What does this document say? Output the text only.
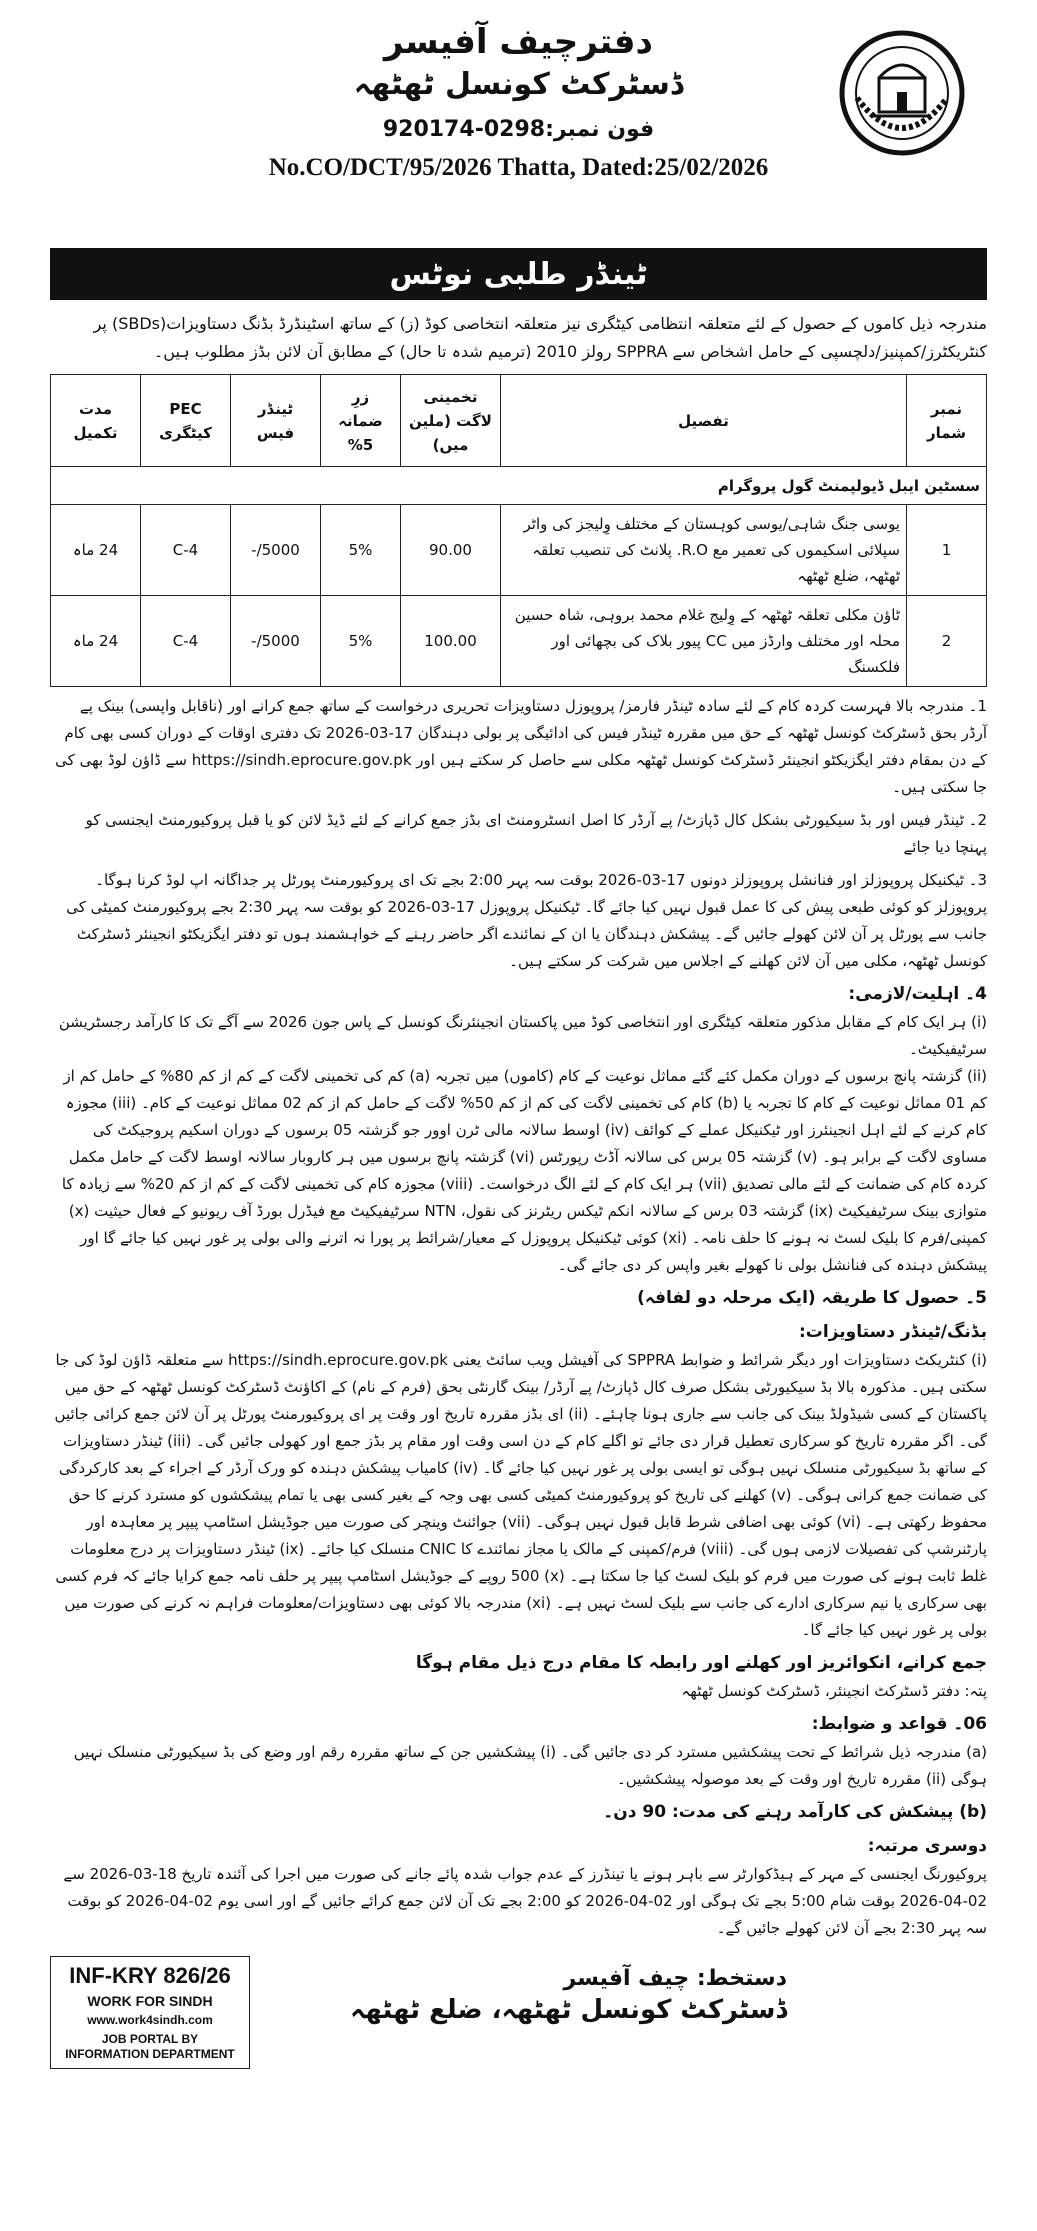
دفترچیف آفیسر
ڈسٹرکٹ کونسل ٹھٹھہ
فون نمبر:0298-920174
No.CO/DCT/95/2026 Thatta, Dated:25/02/2026
ٹینڈر طلبی نوٹس

مندرجہ ذیل کاموں کے حصول کے لئے متعلقہ انتظامی کیٹگری نیز متعلقہ انتخاصی کوڈ (ز) کے ساتھ اسٹینڈرڈ بڈنگ دستاویزات(SBDs) پر کنٹریکٹرز/کمپنیز/دلچسپی کے حامل اشخاص سے SPPRA رولز 2010 (ترمیم شدہ تا حال) کے مطابق آن لائن بڈز مطلوب ہیں۔

نمبر شمار	تفصیل	تخمینی لاگت (ملین میں)	زرِ ضمانہ 5%	ٹینڈر فیس	PEC کیٹگری	مدت تکمیل
سسٹین ایبل ڈیولپمنٹ گول پروگرام						
1	یوسی جنگ شاہی/یوسی کوہستان کے مختلف وِلیجز کی واٹر سپلائی اسکیموں کی تعمیر مع R.O. پلانٹ کی تنصیب تعلقہ ٹھٹھہ، ضلع ٹھٹھہ	90.00	5%	5000/-	C-4	24 ماہ
2	ٹاؤن مکلی تعلقہ ٹھٹھہ کے وِلیج غلام محمد بروہی، شاہ حسین محلہ اور مختلف وارڈز میں CC پیور بلاک کی بچھائی اور فلکسنگ	100.00	5%	5000/-	C-4	24 ماہ

1۔ مندرجہ بالا فہرست کردہ کام کے لئے سادہ ٹینڈر فارمز/ پروپوزل دستاویزات تحریری درخواست کے ساتھ جمع کرانے اور (ناقابل واپسی) بینک پے آرڈر بحق ڈسٹرکٹ کونسل ٹھٹھہ کے حق میں مقررہ ٹینڈر فیس کی ادائیگی پر بولی دہندگان 17-03-2026 تک دفتری اوقات کے دوران کسی بھی کام کے دن بمقام دفتر ایگزیکٹو انجینئر ڈسٹرکٹ کونسل ٹھٹھہ مکلی سے حاصل کر سکتے ہیں اور https://sindh.eprocure.gov.pk سے ڈاؤن لوڈ بھی کی جا سکتی ہیں۔

2۔ ٹینڈر فیس اور بڈ سیکیورٹی بشکل کال ڈپازٹ/ پے آرڈر کا اصل انسٹرومنٹ ای بڈز جمع کرانے کے لئے ڈیڈ لائن کو یا قبل پروکیورمنٹ ایجنسی کو پہنچا دیا جائے

3۔ ٹیکنیکل پروپوزلز اور فنانشل پروپوزلز دونوں 17-03-2026 بوقت سہ پہر 2:00 بجے تک ای پروکیورمنٹ پورٹل پر جداگانہ اپ لوڈ کرنا ہوگا۔ پروپوزلز کو کوئی طبعی پیش کی کا عمل قبول نہیں کیا جائے گا۔ ٹیکنیکل پروپوزل 17-03-2026 کو بوقت سہ پہر 2:30 بجے پروکیورمنٹ کمیٹی کی جانب سے پورٹل پر آن لائن کھولے جائیں گے۔ پیشکش دہندگان یا ان کے نمائندے اگر حاضر رہنے کے خواہشمند ہوں تو دفتر ایگزیکٹو انجینئر ڈسٹرکٹ کونسل ٹھٹھہ، مکلی میں آن لائن کھلنے کے اجلاس میں شرکت کر سکتے ہیں۔

4۔ اہلیت/لازمی:

(i) ہر ایک کام کے مقابل مذکور متعلقہ کیٹگری اور انتخاصی کوڈ میں پاکستان انجینئرنگ کونسل کے پاس جون 2026 سے آگے تک کا کارآمد رجسٹریشن سرٹیفیکیٹ۔

(ii) گزشتہ پانچ برسوں کے دوران مکمل کئے گئے مماثل نوعیت کے کام (کاموں) میں تجربہ (a) کم کی تخمینی لاگت کے کم از کم 80% کے حامل کم از کم 01 مماثل نوعیت کے کام کا تجربہ یا (b) کام کی تخمینی لاگت کی کم از کم 50% لاگت کے حامل کم از کم 02 مماثل نوعیت کے کام۔ (iii) مجوزہ کام کرنے کے لئے اہل انجینئرز اور ٹیکنیکل عملے کے کوائف (iv) اوسط سالانہ مالی ٹرن اوور جو گزشتہ 05 برسوں کے دوران اسکیم پروجیکٹ کی مساوی لاگت کے برابر ہو۔ (v) گزشتہ 05 برس کی سالانہ آڈٹ رپورٹس (vi) گزشتہ پانچ برسوں میں ہر کاروبار سالانہ اوسط لاگت کے حامل مکمل کردہ کام کی ضمانت کے لئے مالی تصدیق (vii) ہر ایک کام کے لئے الگ درخواست۔ (viii) مجوزہ کام کی تخمینی لاگت کے کم از کم 20% سے زیادہ کا متوازی بینک سرٹیفیکیٹ (ix) گزشتہ 03 برس کے سالانہ انکم ٹیکس ریٹرنز کی نقول، NTN سرٹیفیکیٹ مع فیڈرل بورڈ آف ریونیو کے فعال حیثیت (x) کمپنی/فرم کا بلیک لسٹ نہ ہونے کا حلف نامہ۔ (xi) کوئی ٹیکنیکل پروپوزل کے معیار/شرائط پر پورا نہ اترنے والی بولی پر غور نہیں کیا جائے گا اور پیشکش دہندہ کی فنانشل بولی نا کھولے بغیر واپس کر دی جائے گی۔

5۔ حصول کا طریقہ (ایک مرحلہ دو لفافہ)
بڈنگ/ٹینڈر دستاویزات:

(i) کنٹریکٹ دستاویزات اور دیگر شرائط و ضوابط SPPRA کی آفیشل ویب سائٹ یعنی https://sindh.eprocure.gov.pk سے متعلقہ ڈاؤن لوڈ کی جا سکتی ہیں۔ مذکورہ بالا بڈ سیکیورٹی بشکل صرف کال ڈپازٹ/ پے آرڈر/ بینک گارنٹی بحق (فرم کے نام) کے اکاؤنٹ ڈسٹرکٹ کونسل ٹھٹھہ کے حق میں پاکستان کے کسی شیڈولڈ بینک کی جانب سے جاری ہونا چاہئے۔ (ii) ای بڈز مقررہ تاریخ اور وقت پر ای پروکیورمنٹ پورٹل پر آن لائن جمع کرائی جائیں گی۔ اگر مقررہ تاریخ کو سرکاری تعطیل قرار دی جائے تو اگلے کام کے دن اسی وقت اور مقام پر بڈز جمع اور کھولی جائیں گی۔ (iii) ٹینڈر دستاویزات کے ساتھ بڈ سیکیورٹی منسلک نہیں ہوگی تو ایسی بولی پر غور نہیں کیا جائے گا۔ (iv) کامیاب پیشکش دہندہ کو ورک آرڈر کے اجراء کے بعد کارکردگی کی ضمانت جمع کرانی ہوگی۔ (v) کھلنے کی تاریخ کو پروکیورمنٹ کمیٹی کسی بھی وجہ کے بغیر کسی بھی یا تمام پیشکشوں کو مسترد کرنے کا حق محفوظ رکھتی ہے۔ (vi) کوئی بھی اضافی شرط قابل قبول نہیں ہوگی۔ (vii) جوائنٹ وینچر کی صورت میں جوڈیشل اسٹامپ پیپر پر معاہدہ اور پارٹنرشپ کی تفصیلات لازمی ہوں گی۔ (viii) فرم/کمپنی کے مالک یا مجاز نمائندے کا CNIC منسلک کیا جائے۔ (ix) ٹینڈر دستاویزات پر درج معلومات غلط ثابت ہونے کی صورت میں فرم کو بلیک لسٹ کیا جا سکتا ہے۔ (x) 500 روپے کے جوڈیشل اسٹامپ پیپر پر حلف نامہ جمع کرایا جائے کہ فرم کسی بھی سرکاری یا نیم سرکاری ادارے کی جانب سے بلیک لسٹ نہیں ہے۔ (xi) مندرجہ بالا کوئی بھی دستاویزات/معلومات فراہم نہ کرنے کی صورت میں بولی پر غور نہیں کیا جائے گا۔

جمع کرانے، انکوائریز اور کھلنے اور رابطہ کا مقام درج ذیل مقام ہوگا

پتہ: دفتر ڈسٹرکٹ انجینئر، ڈسٹرکٹ کونسل ٹھٹھہ

06۔ قواعد و ضوابط:

(a) مندرجہ ذیل شرائط کے تحت پیشکشیں مسترد کر دی جائیں گی۔ (i) پیشکشیں جن کے ساتھ مقررہ رقم اور وضع کی بڈ سیکیورٹی منسلک نہیں ہوگی (ii) مقررہ تاریخ اور وقت کے بعد موصولہ پیشکشیں۔

(b) پیشکش کی کارآمد رہنے کی مدت: 90 دن۔
دوسری مرتبہ:

پروکیورنگ ایجنسی کے مہر کے ہیڈکوارٹر سے باہر ہونے یا تینڈرز کے عدم جواب شدہ پائے جانے کی صورت میں اجرا کی آئندہ تاریخ 18-03-2026 سے 02-04-2026 بوقت شام 5:00 بجے تک ہوگی اور 02-04-2026 کو 2:00 بجے تک آن لائن جمع کرائے جائیں گے اور اسی یوم 02-04-2026 کو بوقت سہ پہر 2:30 بجے آن لائن کھولے جائیں گے۔

دستخط: چیف آفیسر
ڈسٹرکٹ کونسل ٹھٹھہ، ضلع ٹھٹھہ
INF-KRY 826/26
WORK FOR SINDH
www.work4sindh.com
JOB PORTAL BY INFORMATION DEPARTMENT
